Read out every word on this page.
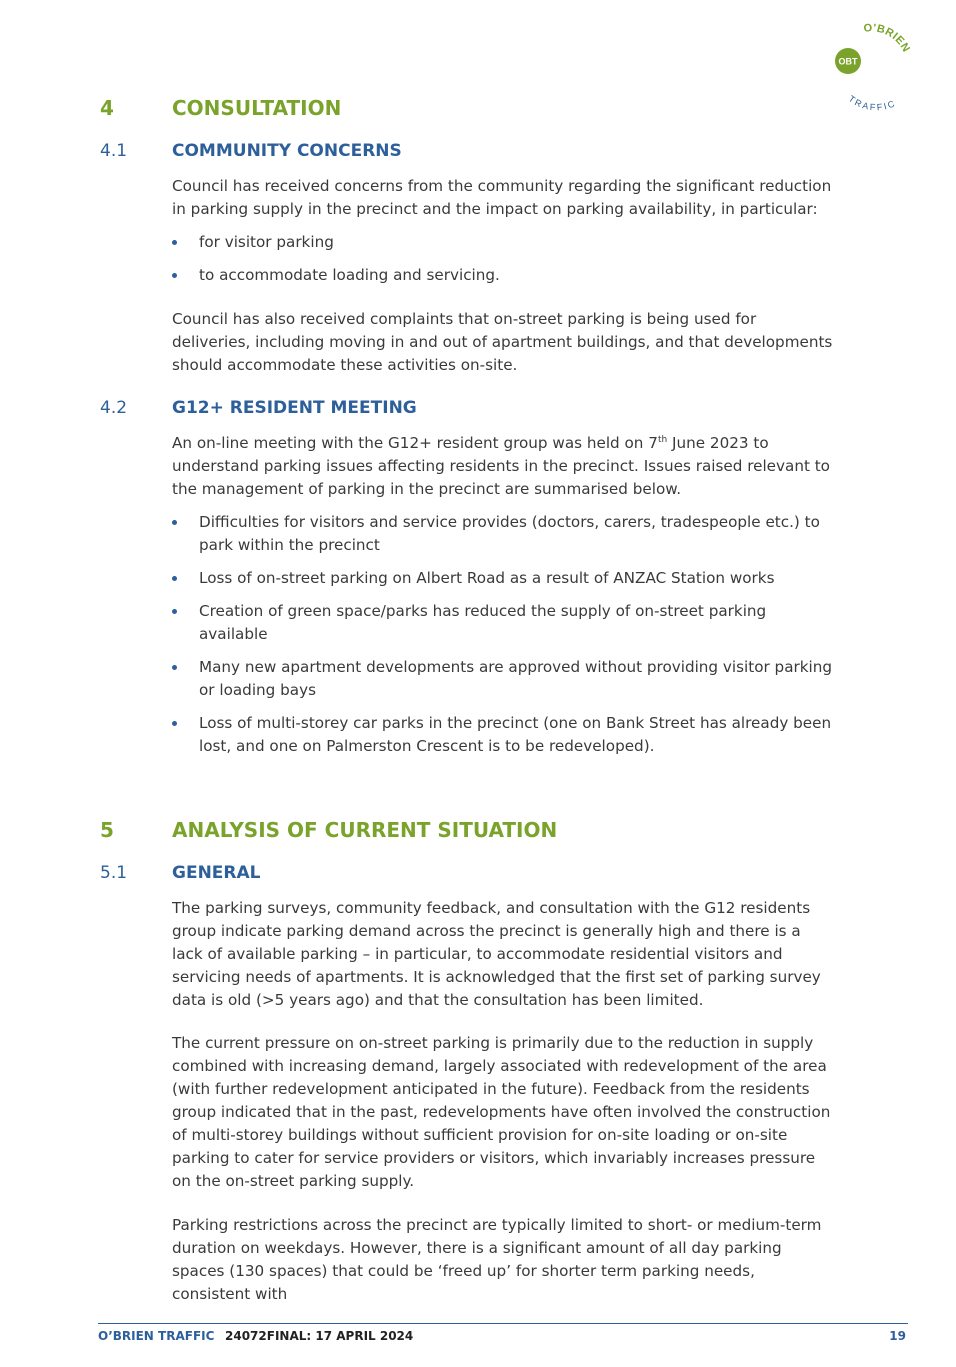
OBT
O'BRIEN
TRAFFIC
4	CONSULTATION
4.1	COMMUNITY CONCERNS

Council has received concerns from the community regarding the significant reduction in parking supply in the precinct and the impact on parking availability, in particular:

for visitor parking
to accommodate loading and servicing.

Council has also received complaints that on-street parking is being used for deliveries, including moving in and out of apartment buildings, and that developments should accommodate these activities on-site.

4.2	G12+ RESIDENT MEETING

An on-line meeting with the G12+ resident group was held on 7th June 2023 to understand parking issues affecting residents in the precinct. Issues raised relevant to the management of parking in the precinct are summarised below.

Difficulties for visitors and service provides (doctors, carers, tradespeople etc.) to park within the precinct
Loss of on-street parking on Albert Road as a result of ANZAC Station works
Creation of green space/parks has reduced the supply of on-street parking available
Many new apartment developments are approved without providing visitor parking or loading bays
Loss of multi-storey car parks in the precinct (one on Bank Street has already been lost, and one on Palmerston Crescent is to be redeveloped).
5	ANALYSIS OF CURRENT SITUATION
5.1	GENERAL

The parking surveys, community feedback, and consultation with the G12 residents group indicate parking demand across the precinct is generally high and there is a lack of available parking – in particular, to accommodate residential visitors and servicing needs of apartments. It is acknowledged that the first set of parking survey data is old (>5 years ago) and that the consultation has been limited.

The current pressure on on-street parking is primarily due to the reduction in supply combined with increasing demand, largely associated with redevelopment of the area (with further redevelopment anticipated in the future). Feedback from the residents group indicated that in the past, redevelopments have often involved the construction of multi-storey buildings without sufficient provision for on-site loading or on-site parking to cater for service providers or visitors, which invariably increases pressure on the on-street parking supply.

Parking restrictions across the precinct are typically limited to short- or medium-term duration on weekdays. However, there is a significant amount of all day parking spaces (130 spaces) that could be ‘freed up’ for shorter term parking needs, consistent with

O’BRIEN TRAFFIC 24072FINAL: 17 APRIL 2024	19
